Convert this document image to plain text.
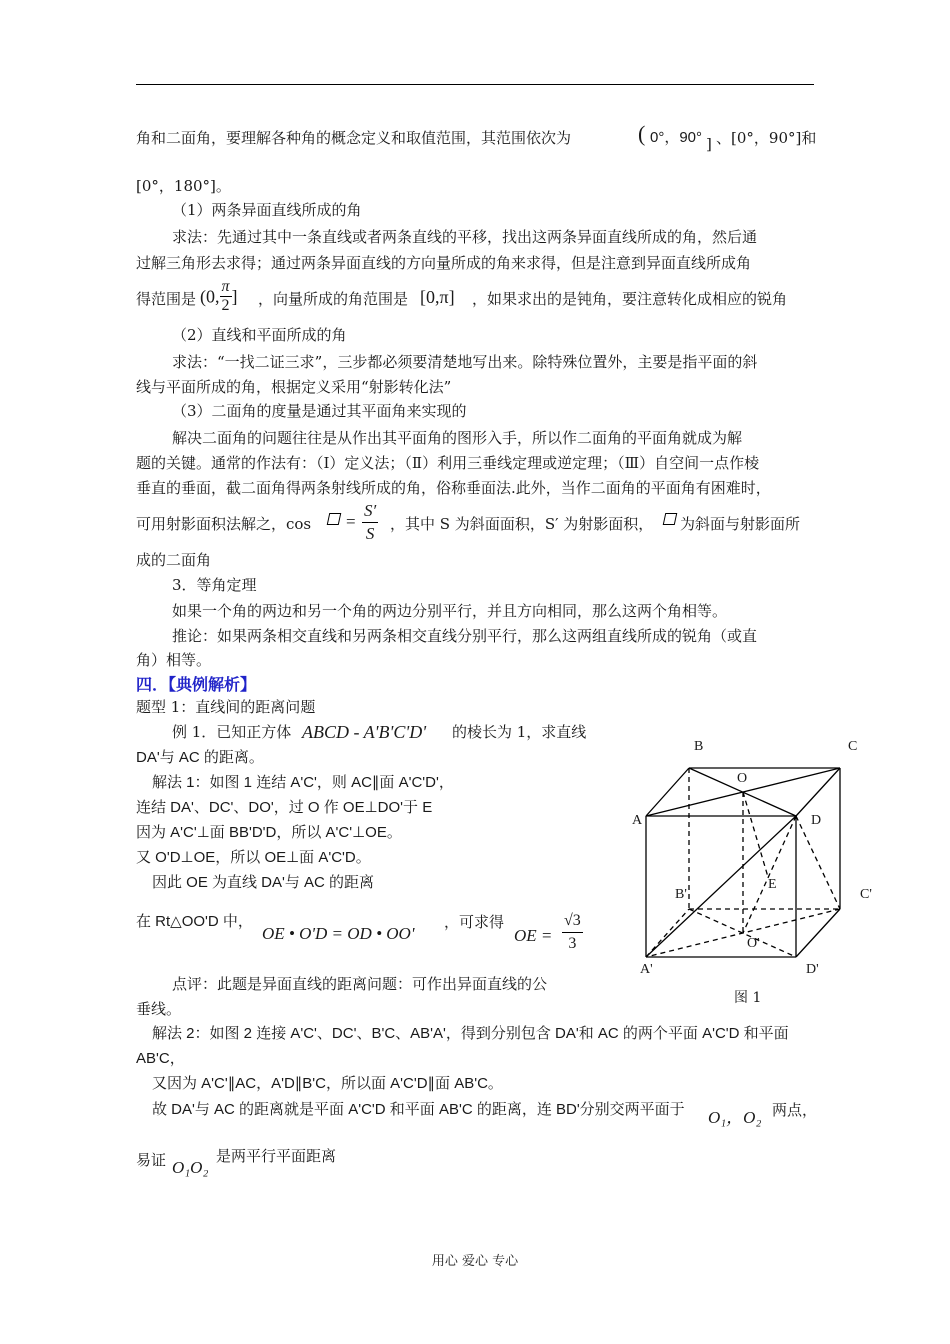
角和二面角，要理解各种角的概念定义和取值范围，其范围依次为	( 0°，90° ] 、[0°，90°]和
[0°，180°]。
（1）两条异面直线所成的角
求法：先通过其中一条直线或者两条直线的平移，找出这两条异面直线所成的角，然后通
过解三角形去求得；通过两条异面直线的方向量所成的角来求得，但是注意到异面直线所成角
得范围是 (0, $\frac{\pi}{2}$ ] ，向量所成的角范围是 [0,π] ，如果求出的是钝角，要注意转化成相应的锐角
（2）直线和平面所成的角
求法：“一找二证三求”，三步都必须要清楚地写出来。除特殊位置外，主要是指平面的斜
线与平面所成的角，根据定义采用“射影转化法”
（3）二面角的度量是通过其平面角来实现的
解决二面角的问题往往是从作出其平面角的图形入手，所以作二面角的平面角就成为解
题的关键。通常的作法有：（Ⅰ）定义法；（Ⅱ）利用三垂线定理或逆定理；（Ⅲ）自空间一点作棱
垂直的垂面，截二面角得两条射线所成的角，俗称垂面法.此外，当作二面角的平面角有困难时，
可用射影面积法解之，$\cos = \frac{S'}{S}$ ，其中 S 为斜面面积，S′ 为射影面积， 为斜面与射影面所
成的二面角
3．等角定理
如果一个角的两边和另一个角的两边分别平行，并且方向相同，那么这两个角相等。
推论：如果两条相交直线和另两条相交直线分别平行，那么这两组直线所成的锐角（或直
角）相等。
四．【典例解析】
题型 1：直线间的距离问题
例 1．已知正方体 ABCD - A'B'C'D' 的棱长为 1，求直线
DA'与 AC 的距离。
解法 1：如图 1 连结 A'C'，则 AC∥面 A'C'D'，
连结 DA'、DC'、DO'，过 O 作 OE⊥DO'于 E
因为 A'C'⊥面 BB'D'D，所以 A'C'⊥OE。
又 O'D⊥OE，所以 OE⊥面 A'C'D。
因此 OE 为直线 DA'与 AC 的距离
在 Rt△OO'D 中，
OE • O'D = OD • OO'
，可求得
OE = $\frac{√3}{3}$
点评：此题是异面直线的距离问题：可作出异面直线的公
垂线。
解法 2：如图 2 连接 A'C'、DC'、B'C、AB'A'，得到分别包含 DA'和 AC 的两个平面 A'C'D 和平面
AB'C，
又因为 A'C'∥AC，A'D∥B'C，所以面 A'C'D∥面 AB'C。
故 DA'与 AC 的距离就是平面 A'C'D 和平面 AB'C 的距离，连 BD'分别交两平面于 O₁，O₂ 两点，
易证 O₁O₂
是两平行平面距离
B	C
O
A	D
E
B'	C'
O'
A'	D'
图 1
用心 爱心 专心
